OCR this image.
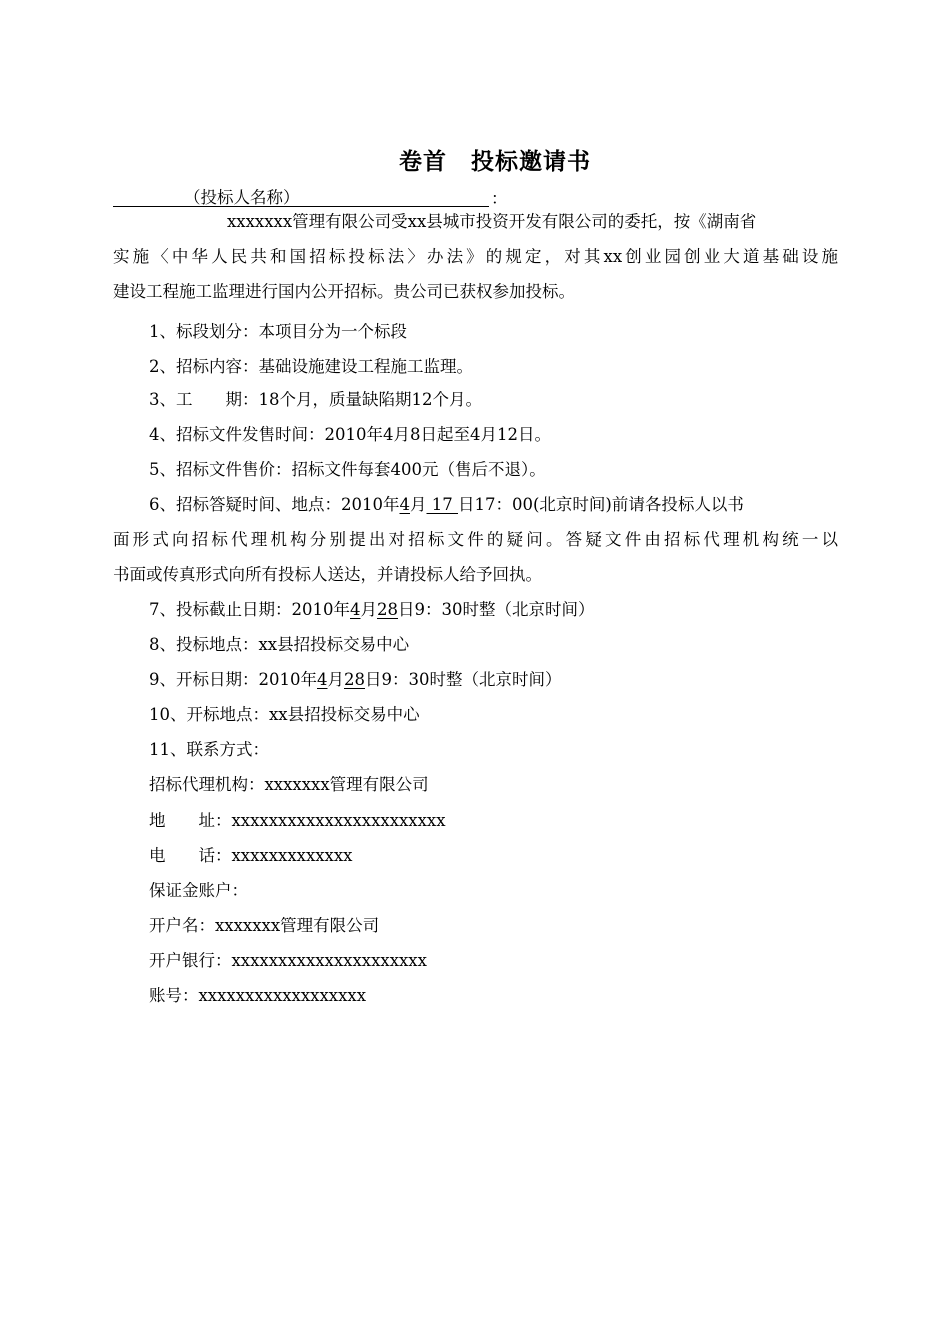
卷首　投标邀请书
（投标人名称）	：
xxxxxxx管理有限公司受xx县城市投资开发有限公司的委托，按《湖南省
实施〈中华人民共和国招标投标法〉办法》的规定，对其xx创业园创业大道基础设施
建设工程施工监理进行国内公开招标。贵公司已获权参加投标。
1、标段划分：本项目分为一个标段
2、招标内容：基础设施建设工程施工监理。
3、工　　期：18个月，质量缺陷期12个月。
4、招标文件发售时间：2010年4月8日起至4月12日。
5、招标文件售价：招标文件每套400元（售后不退）。
6、招标答疑时间、地点：2010年4月 17 日17：00(北京时间)前请各投标人以书
面形式向招标代理机构分别提出对招标文件的疑问。答疑文件由招标代理机构统一以
书面或传真形式向所有投标人送达，并请投标人给予回执。
7、投标截止日期：2010年4月28日9：30时整（北京时间）
8、投标地点：xx县招投标交易中心
9、开标日期：2010年4月28日9：30时整（北京时间）
10、开标地点：xx县招投标交易中心
11、联系方式：
招标代理机构：xxxxxxx管理有限公司
地　　址：xxxxxxxxxxxxxxxxxxxxxxx
电　　话：xxxxxxxxxxxxx
保证金账户：
开户名：xxxxxxx管理有限公司
开户银行：xxxxxxxxxxxxxxxxxxxxx
账号：xxxxxxxxxxxxxxxxxx
